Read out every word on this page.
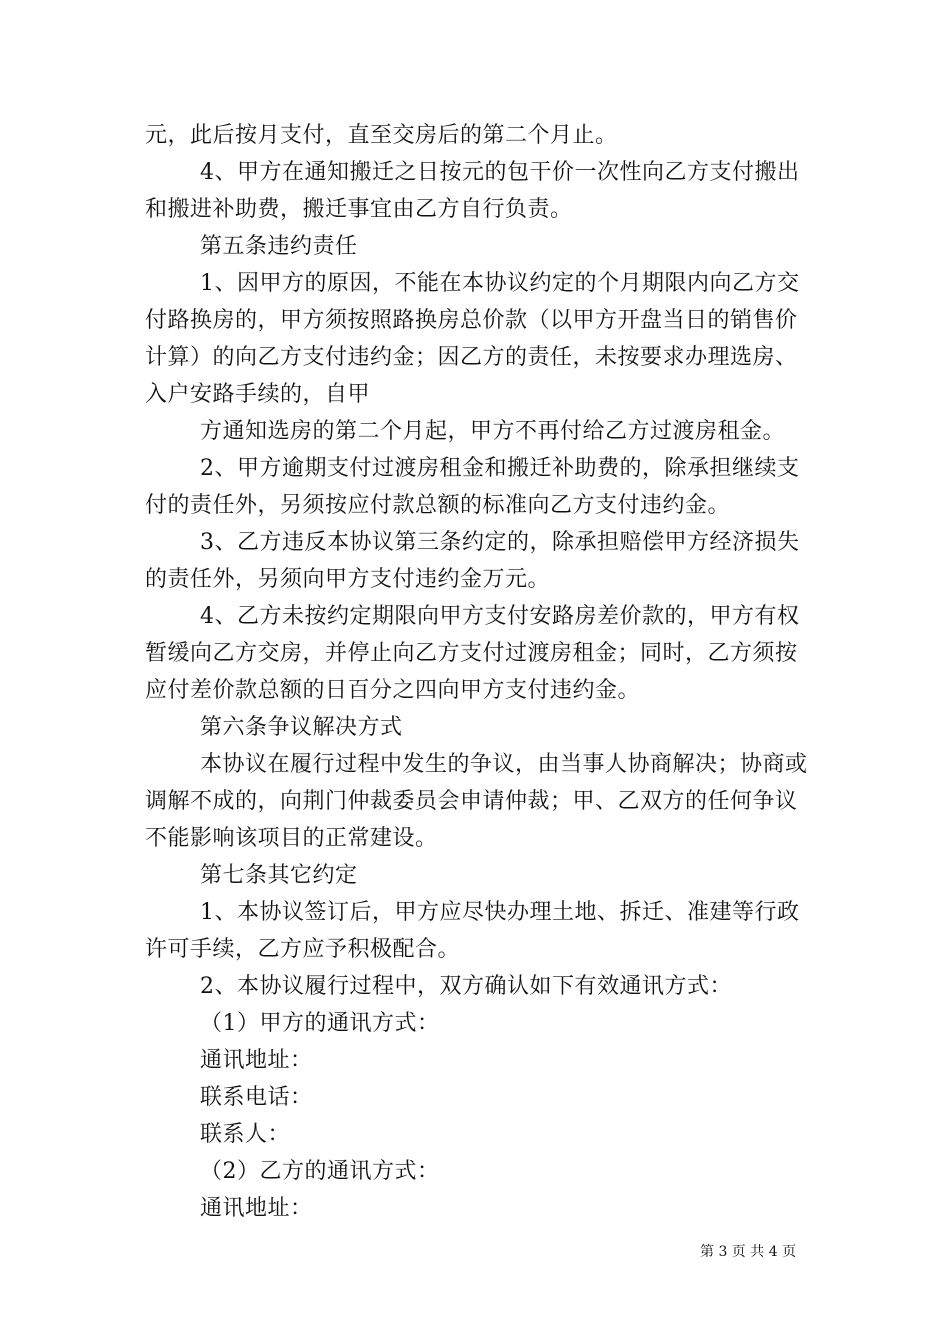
元，此后按月支付，直至交房后的第二个月止。
4、甲方在通知搬迁之日按元的包干价一次性向乙方支付搬出
和搬进补助费，搬迁事宜由乙方自行负责。
第五条违约责任
1、因甲方的原因，不能在本协议约定的个月期限内向乙方交
付路换房的，甲方须按照路换房总价款（以甲方开盘当日的销售价
计算）的向乙方支付违约金；因乙方的责任，未按要求办理选房、
入户安路手续的，自甲
方通知选房的第二个月起，甲方不再付给乙方过渡房租金。
2、甲方逾期支付过渡房租金和搬迁补助费的，除承担继续支
付的责任外，另须按应付款总额的标准向乙方支付违约金。
3、乙方违反本协议第三条约定的，除承担赔偿甲方经济损失
的责任外，另须向甲方支付违约金万元。
4、乙方未按约定期限向甲方支付安路房差价款的，甲方有权
暂缓向乙方交房，并停止向乙方支付过渡房租金；同时，乙方须按
应付差价款总额的日百分之四向甲方支付违约金。
第六条争议解决方式
本协议在履行过程中发生的争议，由当事人协商解决；协商或
调解不成的，向荆门仲裁委员会申请仲裁；甲、乙双方的任何争议
不能影响该项目的正常建设。
第七条其它约定
1、本协议签订后，甲方应尽快办理土地、拆迁、准建等行政
许可手续，乙方应予积极配合。
2、本协议履行过程中，双方确认如下有效通讯方式：
（1）甲方的通讯方式：
通讯地址：
联系电话：
联系人：
（2）乙方的通讯方式：
通讯地址：
第 3 页 共 4 页
